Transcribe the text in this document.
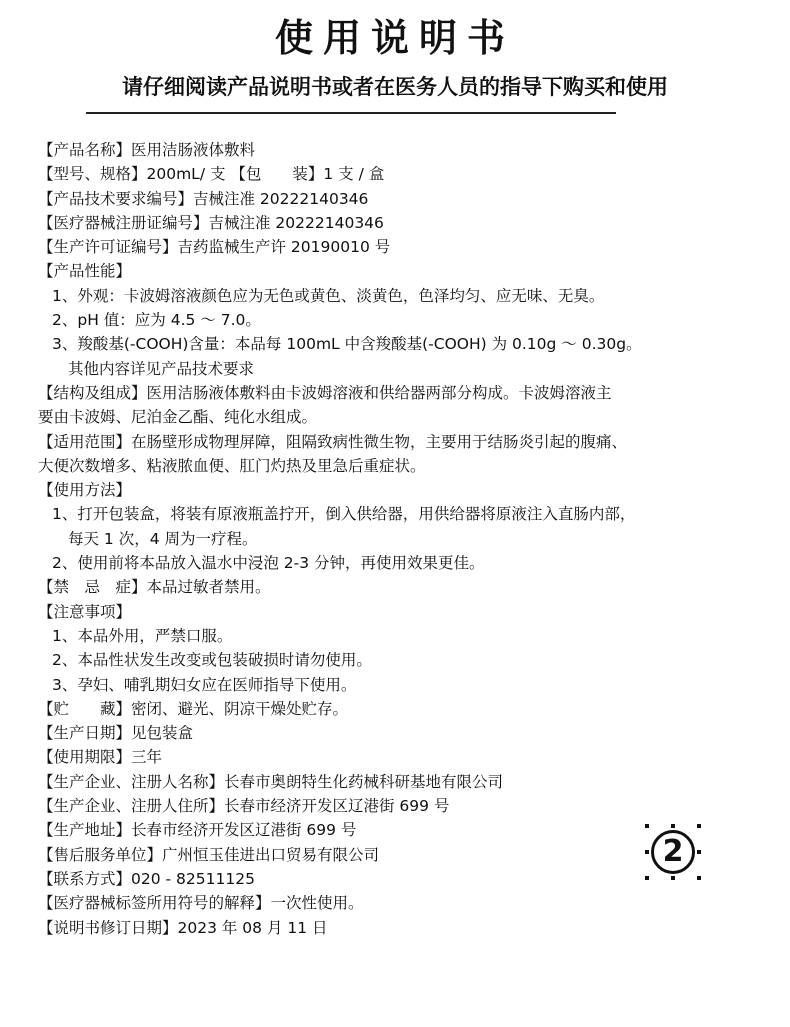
使用说明书
请仔细阅读产品说明书或者在医务人员的指导下购买和使用
【产品名称】医用洁肠液体敷料
【型号、规格】200mL/ 支 【包　　装】1 支 / 盒
【产品技术要求编号】吉械注准 20222140346
【医疗器械注册证编号】吉械注准 20222140346
【生产许可证编号】吉药监械生产许 20190010 号
【产品性能】
1、外观：卡波姆溶液颜色应为无色或黄色、淡黄色，色泽均匀、应无味、无臭。
2、pH 值：应为 4.5 ～ 7.0。
3、羧酸基(-COOH)含量：本品每 100mL 中含羧酸基(-COOH) 为 0.10g ～ 0.30g。
其他内容详见产品技术要求
【结构及组成】医用洁肠液体敷料由卡波姆溶液和供给器两部分构成。卡波姆溶液主
要由卡波姆、尼泊金乙酯、纯化水组成。
【适用范围】在肠壁形成物理屏障，阻隔致病性微生物，主要用于结肠炎引起的腹痛、
大便次数增多、粘液脓血便、肛门灼热及里急后重症状。
【使用方法】
1、打开包装盒，将装有原液瓶盖拧开，倒入供给器，用供给器将原液注入直肠内部，
每天 1 次，4 周为一疗程。
2、使用前将本品放入温水中浸泡 2-3 分钟，再使用效果更佳。
【禁　忌　症】本品过敏者禁用。
【注意事项】
1、本品外用，严禁口服。
2、本品性状发生改变或包装破损时请勿使用。
3、孕妇、哺乳期妇女应在医师指导下使用。
【贮　　藏】密闭、避光、阴凉干燥处贮存。
【生产日期】见包装盒
【使用期限】三年
【生产企业、注册人名称】长春市奥朗特生化药械科研基地有限公司
【生产企业、注册人住所】长春市经济开发区辽港街 699 号
【生产地址】长春市经济开发区辽港街 699 号
【售后服务单位】广州恒玉佳进出口贸易有限公司
【联系方式】020 - 82511125
【医疗器械标签所用符号的解释】一次性使用。
【说明书修订日期】2023 年 08 月 11 日
2
